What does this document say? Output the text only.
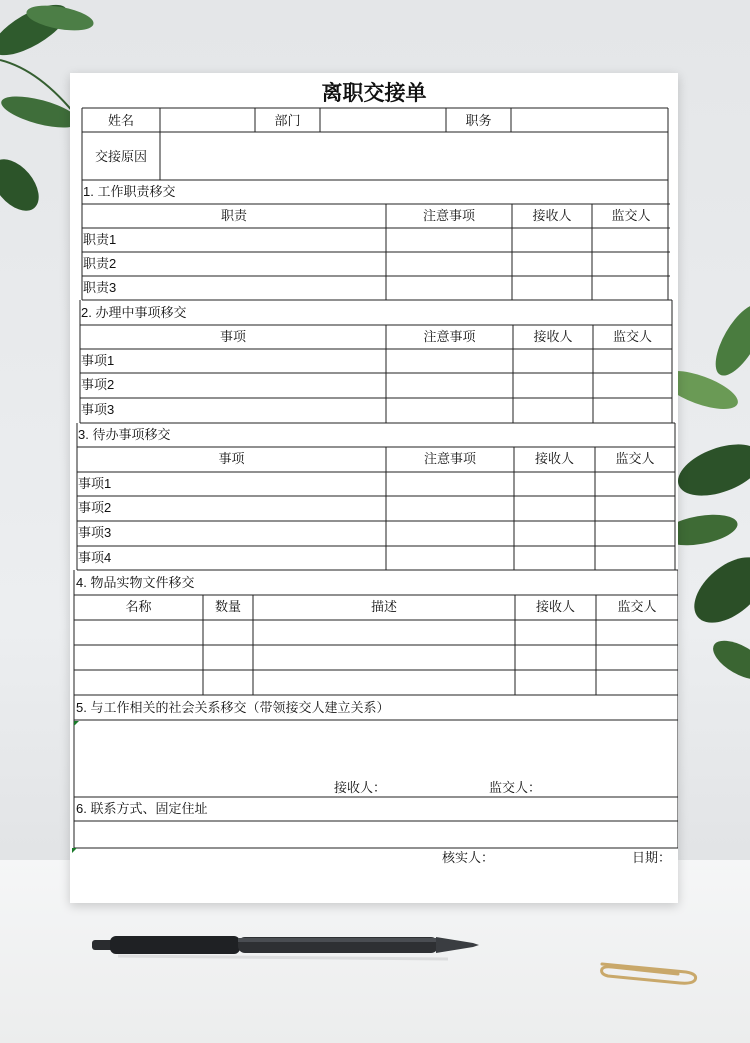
离职交接单
姓名	部门	职务
交接原因
1. 工作职责移交
职责	注意事项	接收人	监交人
职责1
职责2
职责3
2. 办理中事项移交
事项	注意事项	接收人	监交人
事项1
事项2
事项3
3. 待办事项移交
事项	注意事项	接收人	监交人
事项1
事项2
事项3
事项4
4. 物品实物文件移交
名称	数量	描述	接收人	监交人
5. 与工作相关的社会关系移交（带领接交人建立关系）
接收人：	监交人：
6. 联系方式、固定住址
核实人：	日期：
